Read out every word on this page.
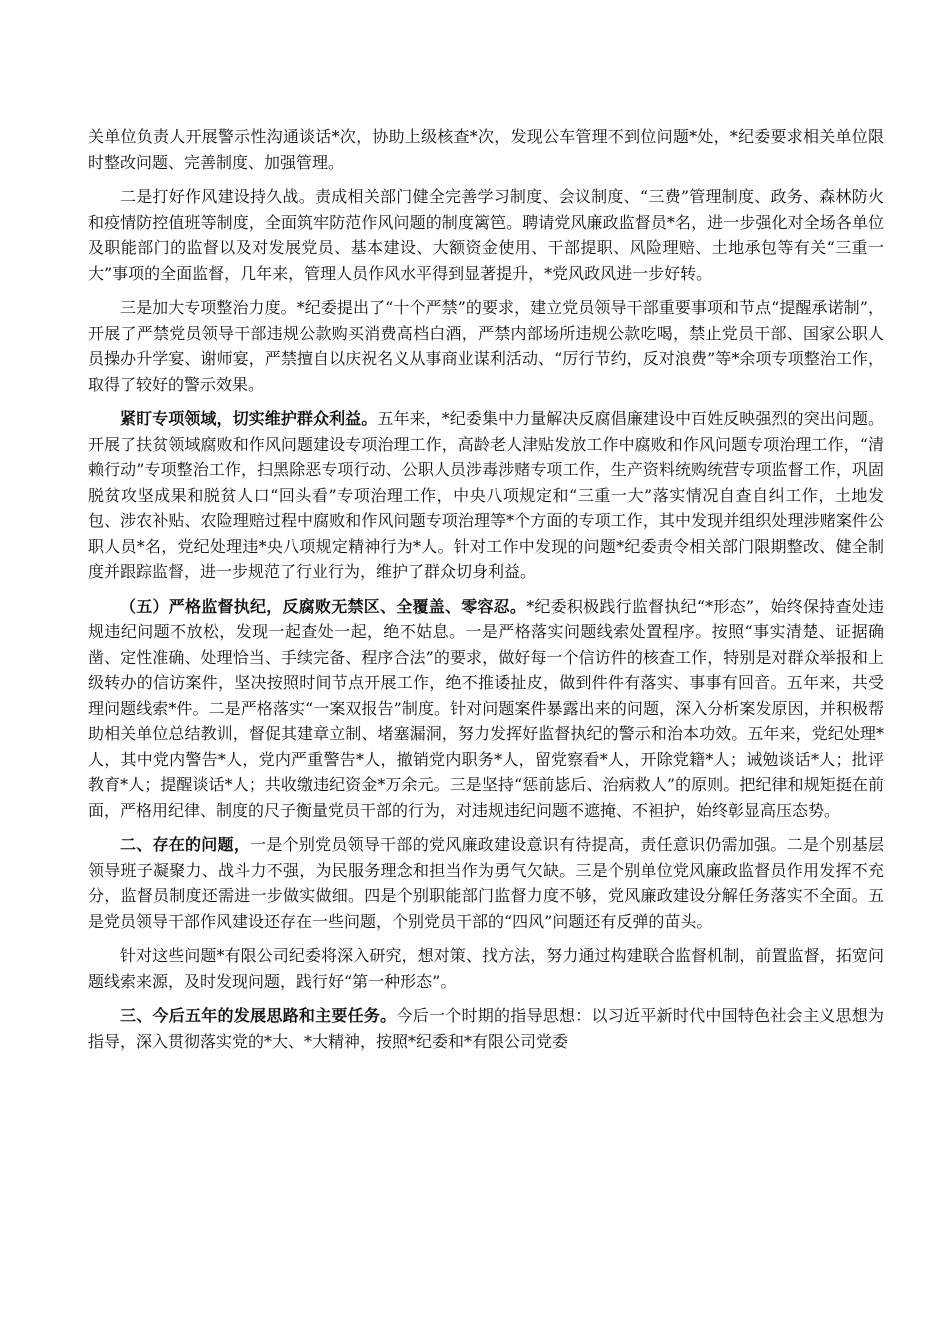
关单位负责人开展警示性沟通谈话*次，协助上级核查*次，发现公车管理不到位问题*处，*纪委要求相关单位限时整改问题、完善制度、加强管理。

二是打好作风建设持久战。责成相关部门健全完善学习制度、会议制度、“三费”管理制度、政务、森林防火和疫情防控值班等制度，全面筑牢防范作风问题的制度篱笆。聘请党风廉政监督员*名，进一步强化对全场各单位及职能部门的监督以及对发展党员、基本建设、大额资金使用、干部提职、风险理赔、土地承包等有关“三重一大”事项的全面监督，几年来，管理人员作风水平得到显著提升，*党风政风进一步好转。

三是加大专项整治力度。*纪委提出了“十个严禁”的要求，建立党员领导干部重要事项和节点“提醒承诺制”，开展了严禁党员领导干部违规公款购买消费高档白酒，严禁内部场所违规公款吃喝，禁止党员干部、国家公职人员操办升学宴、谢师宴，严禁擅自以庆祝名义从事商业谋利活动、“厉行节约，反对浪费”等*余项专项整治工作，取得了较好的警示效果。

紧盯专项领域，切实维护群众利益。五年来，*纪委集中力量解决反腐倡廉建设中百姓反映强烈的突出问题。开展了扶贫领域腐败和作风问题建设专项治理工作，高龄老人津贴发放工作中腐败和作风问题专项治理工作，“清赖行动”专项整治工作，扫黑除恶专项行动、公职人员涉毒涉赌专项工作，生产资料统购统营专项监督工作，巩固脱贫攻坚成果和脱贫人口“回头看”专项治理工作，中央八项规定和“三重一大”落实情况自查自纠工作，土地发包、涉农补贴、农险理赔过程中腐败和作风问题专项治理等*个方面的专项工作，其中发现并组织处理涉赌案件公职人员*名，党纪处理违*央八项规定精神行为*人。针对工作中发现的问题*纪委责令相关部门限期整改、健全制度并跟踪监督，进一步规范了行业行为，维护了群众切身利益。

（五）严格监督执纪，反腐败无禁区、全覆盖、零容忍。*纪委积极践行监督执纪“*形态”，始终保持查处违规违纪问题不放松，发现一起查处一起，绝不姑息。一是严格落实问题线索处置程序。按照“事实清楚、证据确凿、定性准确、处理恰当、手续完备、程序合法”的要求，做好每一个信访件的核查工作，特别是对群众举报和上级转办的信访案件，坚决按照时间节点开展工作，绝不推诿扯皮，做到件件有落实、事事有回音。五年来，共受理问题线索*件。二是严格落实“一案双报告”制度。针对问题案件暴露出来的问题，深入分析案发原因，并积极帮助相关单位总结教训，督促其建章立制、堵塞漏洞，努力发挥好监督执纪的警示和治本功效。五年来，党纪处理*人，其中党内警告*人，党内严重警告*人，撤销党内职务*人，留党察看*人，开除党籍*人；诫勉谈话*人；批评教育*人；提醒谈话*人；共收缴违纪资金*万余元。三是坚持“惩前毖后、治病救人”的原则。把纪律和规矩挺在前面，严格用纪律、制度的尺子衡量党员干部的行为，对违规违纪问题不遮掩、不袒护，始终彰显高压态势。

二、存在的问题，一是个别党员领导干部的党风廉政建设意识有待提高，责任意识仍需加强。二是个别基层领导班子凝聚力、战斗力不强，为民服务理念和担当作为勇气欠缺。三是个别单位党风廉政监督员作用发挥不充分，监督员制度还需进一步做实做细。四是个别职能部门监督力度不够，党风廉政建设分解任务落实不全面。五是党员领导干部作风建设还存在一些问题，个别党员干部的“四风”问题还有反弹的苗头。

针对这些问题*有限公司纪委将深入研究，想对策、找方法，努力通过构建联合监督机制，前置监督，拓宽问题线索来源，及时发现问题，践行好“第一种形态”。

三、今后五年的发展思路和主要任务。今后一个时期的指导思想：以习近平新时代中国特色社会主义思想为指导，深入贯彻落实党的*大、*大精神，按照*纪委和*有限公司党委
